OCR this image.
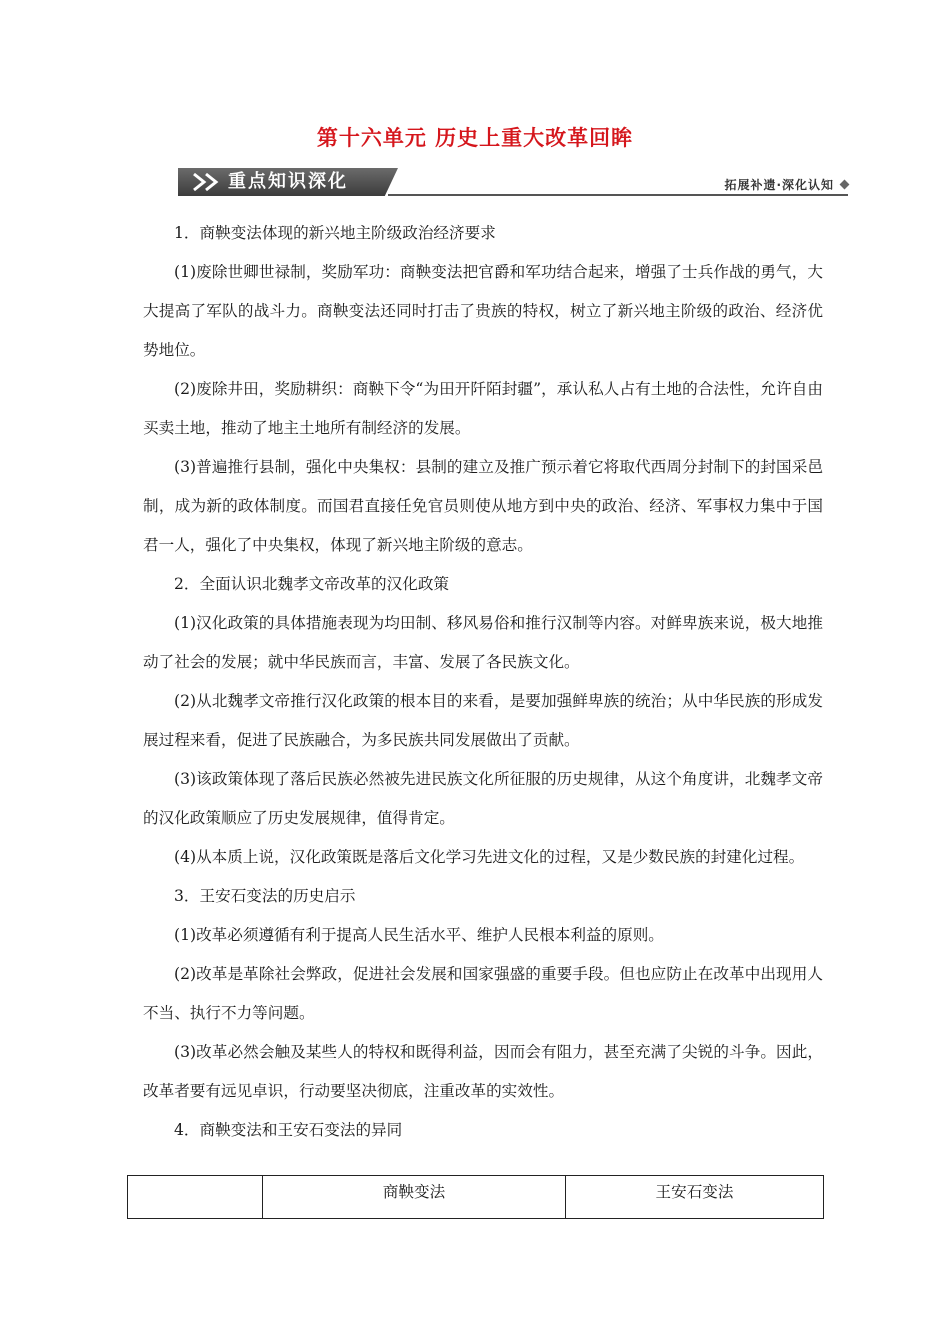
第十六单元 历史上重大改革回眸
重点知识深化	拓展补遗·深化认知

1．商鞅变法体现的新兴地主阶级政治经济要求

(1)废除世卿世禄制，奖励军功：商鞅变法把官爵和军功结合起来，增强了士兵作战的勇气，大大提高了军队的战斗力。商鞅变法还同时打击了贵族的特权，树立了新兴地主阶级的政治、经济优势地位。

(2)废除井田，奖励耕织：商鞅下令“为田开阡陌封疆”，承认私人占有土地的合法性，允许自由买卖土地，推动了地主土地所有制经济的发展。

(3)普遍推行县制，强化中央集权：县制的建立及推广预示着它将取代西周分封制下的封国采邑制，成为新的政体制度。而国君直接任免官员则使从地方到中央的政治、经济、军事权力集中于国君一人，强化了中央集权，体现了新兴地主阶级的意志。

2．全面认识北魏孝文帝改革的汉化政策

(1)汉化政策的具体措施表现为均田制、移风易俗和推行汉制等内容。对鲜卑族来说，极大地推动了社会的发展；就中华民族而言，丰富、发展了各民族文化。

(2)从北魏孝文帝推行汉化政策的根本目的来看，是要加强鲜卑族的统治；从中华民族的形成发展过程来看，促进了民族融合，为多民族共同发展做出了贡献。

(3)该政策体现了落后民族必然被先进民族文化所征服的历史规律，从这个角度讲，北魏孝文帝的汉化政策顺应了历史发展规律，值得肯定。

(4)从本质上说，汉化政策既是落后文化学习先进文化的过程，又是少数民族的封建化过程。

3．王安石变法的历史启示

(1)改革必须遵循有利于提高人民生活水平、维护人民根本利益的原则。

(2)改革是革除社会弊政，促进社会发展和国家强盛的重要手段。但也应防止在改革中出现用人不当、执行不力等问题。

(3)改革必然会触及某些人的特权和既得利益，因而会有阻力，甚至充满了尖锐的斗争。因此，改革者要有远见卓识，行动要坚决彻底，注重改革的实效性。

4．商鞅变法和王安石变法的异同

	商鞅变法	王安石变法
